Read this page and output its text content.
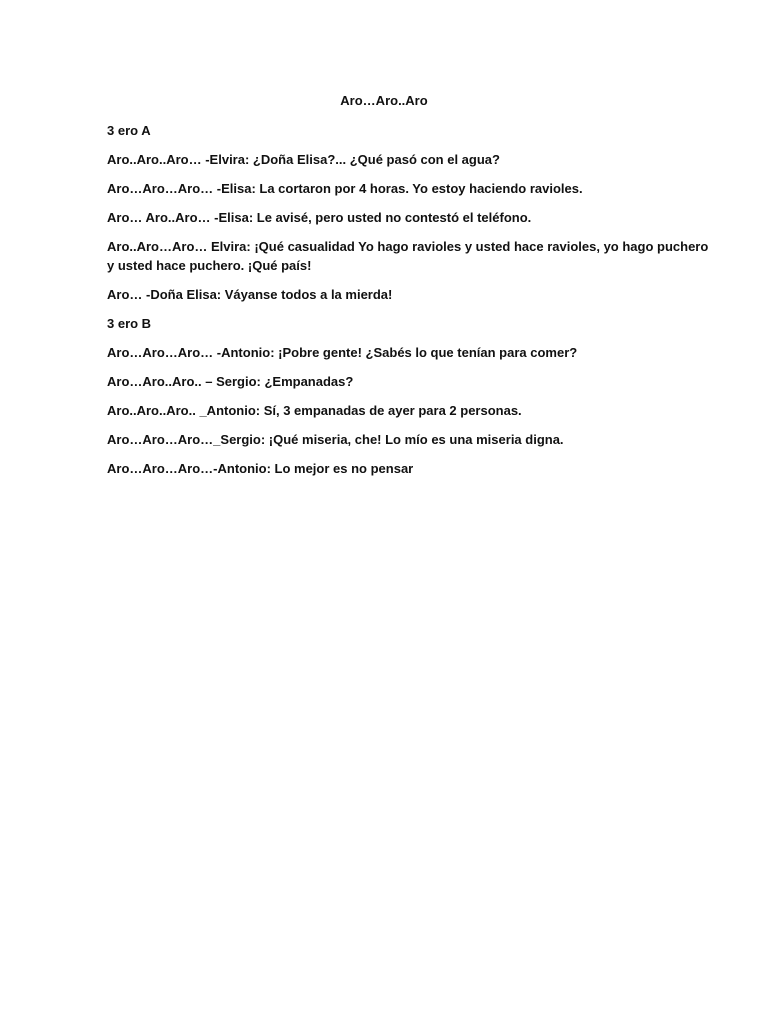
Aro…Aro..Aro
3 ero A
Aro..Aro..Aro… -Elvira: ¿Doña Elisa?... ¿Qué pasó con el agua?
Aro…Aro…Aro… -Elisa: La cortaron por 4 horas. Yo estoy haciendo ravioles.
Aro… Aro..Aro… -Elisa: Le avisé, pero usted no contestó el teléfono.
Aro..Aro…Aro… Elvira: ¡Qué casualidad Yo hago ravioles y usted hace ravioles, yo hago puchero
y usted hace puchero. ¡Qué país!
Aro… -Doña Elisa: Váyanse todos a la mierda!
3 ero B
Aro…Aro…Aro… -Antonio: ¡Pobre gente! ¿Sabés lo que tenían para comer?
Aro…Aro..Aro.. – Sergio: ¿Empanadas?
Aro..Aro..Aro.. _Antonio: Sí, 3 empanadas de ayer para 2 personas.
Aro…Aro…Aro…_Sergio: ¡Qué miseria, che! Lo mío es una miseria digna.
Aro…Aro…Aro…-Antonio: Lo mejor es no pensar
